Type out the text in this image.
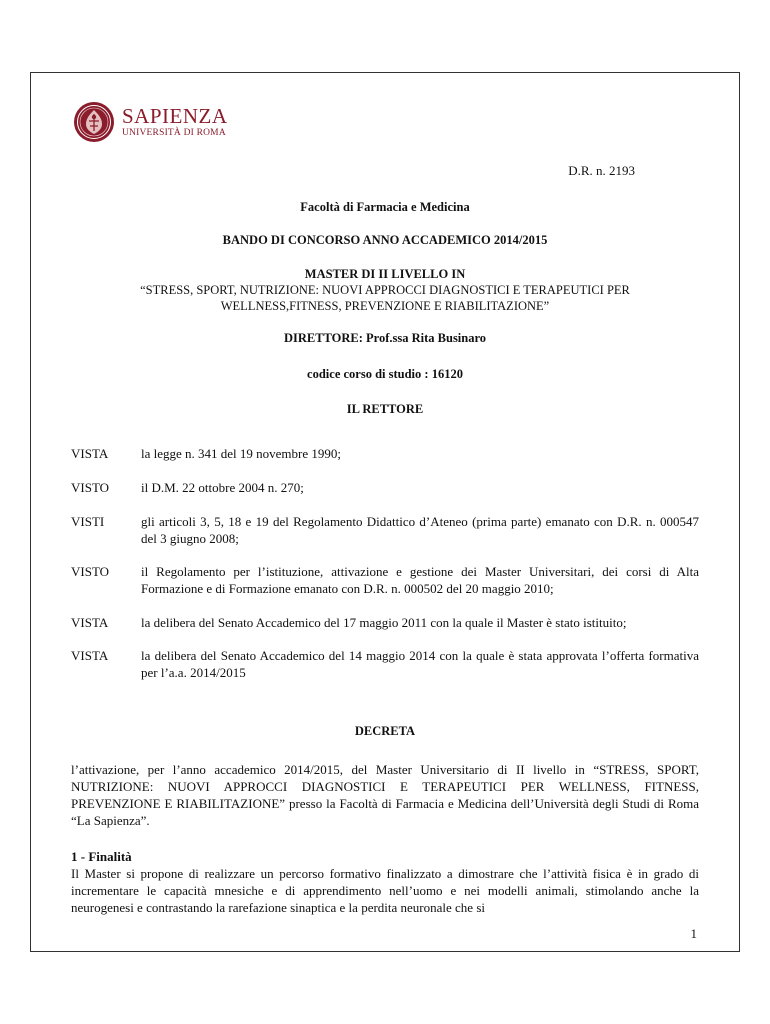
SAPIENZA
UNIVERSITÀ DI ROMA
D.R. n. 2193

Facoltà di Farmacia e Medicina

BANDO DI CONCORSO ANNO ACCADEMICO 2014/2015

MASTER DI II LIVELLO IN

“STRESS, SPORT, NUTRIZIONE: NUOVI APPROCCI DIAGNOSTICI E TERAPEUTICI PER

WELLNESS,FITNESS, PREVENZIONE E RIABILITAZIONE”

DIRETTORE: Prof.ssa Rita Businaro

codice corso di studio : 16120

IL RETTORE

VISTA	la legge n. 341 del 19 novembre 1990;
VISTO	il D.M. 22 ottobre 2004 n. 270;
VISTI	gli articoli 3, 5, 18 e 19 del Regolamento Didattico d’Ateneo (prima parte) emanato con D.R. n. 000547 del 3 giugno 2008;
VISTO	il Regolamento per l’istituzione, attivazione e gestione dei Master Universitari, dei corsi di Alta Formazione e di Formazione emanato con D.R. n. 000502 del 20 maggio 2010;
VISTA	la delibera del Senato Accademico del 17 maggio 2011 con la quale il Master è stato istituito;
VISTA	la delibera del Senato Accademico del 14 maggio 2014 con la quale è stata approvata l’offerta formativa per l’a.a. 2014/2015
DECRETA
l’attivazione, per l’anno accademico 2014/2015, del Master Universitario di II livello in “STRESS, SPORT, NUTRIZIONE: NUOVI APPROCCI DIAGNOSTICI E TERAPEUTICI PER WELLNESS, FITNESS, PREVENZIONE E RIABILITAZIONE” presso la Facoltà di Farmacia e Medicina dell’Università degli Studi di Roma “La Sapienza”.
1 - Finalità
Il Master si propone di realizzare un percorso formativo finalizzato a dimostrare che l’attività fisica è in grado di incrementare le capacità mnesiche e di apprendimento nell’uomo e nei modelli animali, stimolando anche la neurogenesi e contrastando la rarefazione sinaptica e la perdita neuronale che si
1
